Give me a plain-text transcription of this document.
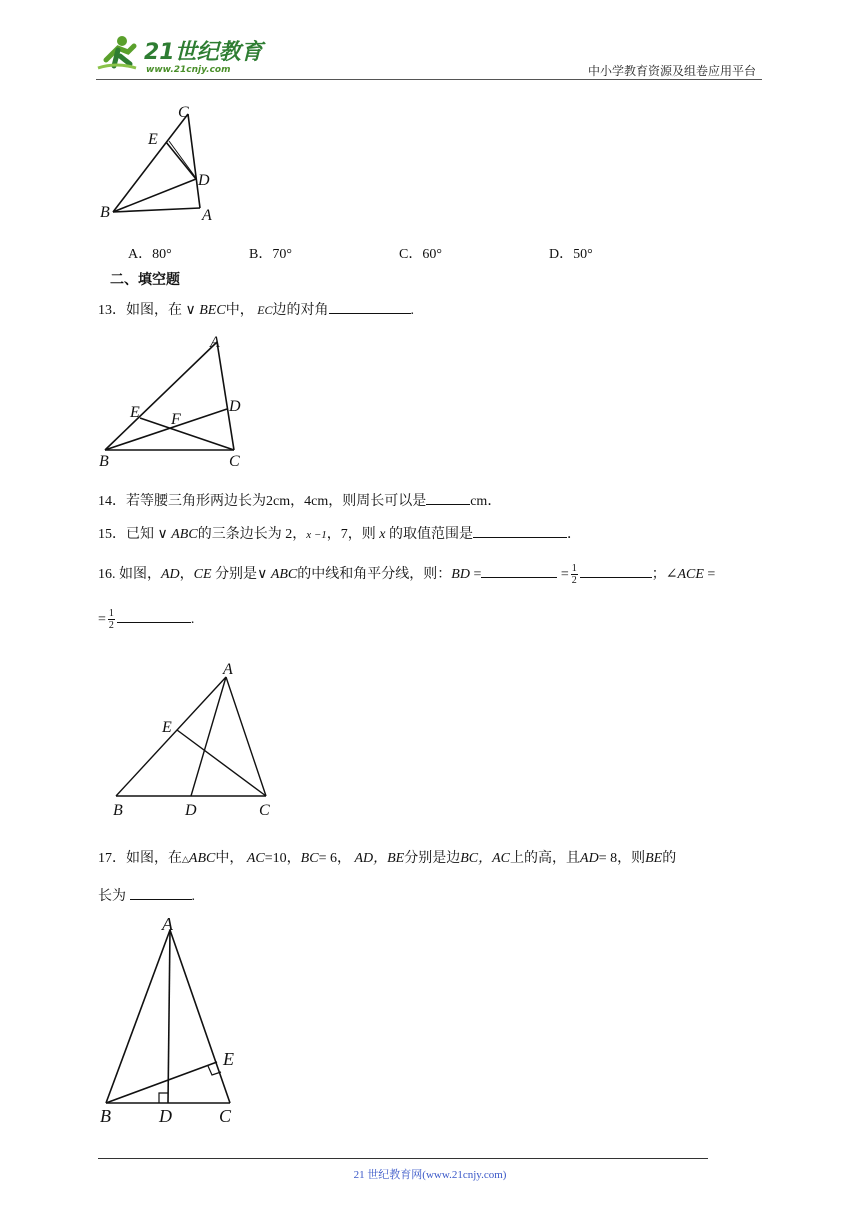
21世纪教育
www.21cnjy.com	中小学教育资源及组卷应用平台
C
E
D
B	A
A．80°	B．70°	C．60°	D．50°
二、填空题
13．如图，在 ∨ BEC中， EC边的对角	.
A
E F
D
B	C
14．若等腰三角形两边长为2cm，4cm，则周长可以是	cm．
15．已知 ∨ ABC的三条边长为 2，x −1，7，则 x 的取值范围是	．
16. 如图，AD，CE 分别是∨ ABC的中线和角平分线，则：BD =	= $\frac{1}{2}$	；∠ACE =
= $\frac{1}{2}$	.
A
E
B	D	C
17．如图，在△ABC中， AC=10，BC= 6， AD，BE分别是边BC，AC上的高，且AD= 8，则BE的
长为	.
A
E
B	D	C
21 世纪教育网(www.21cnjy.com)
